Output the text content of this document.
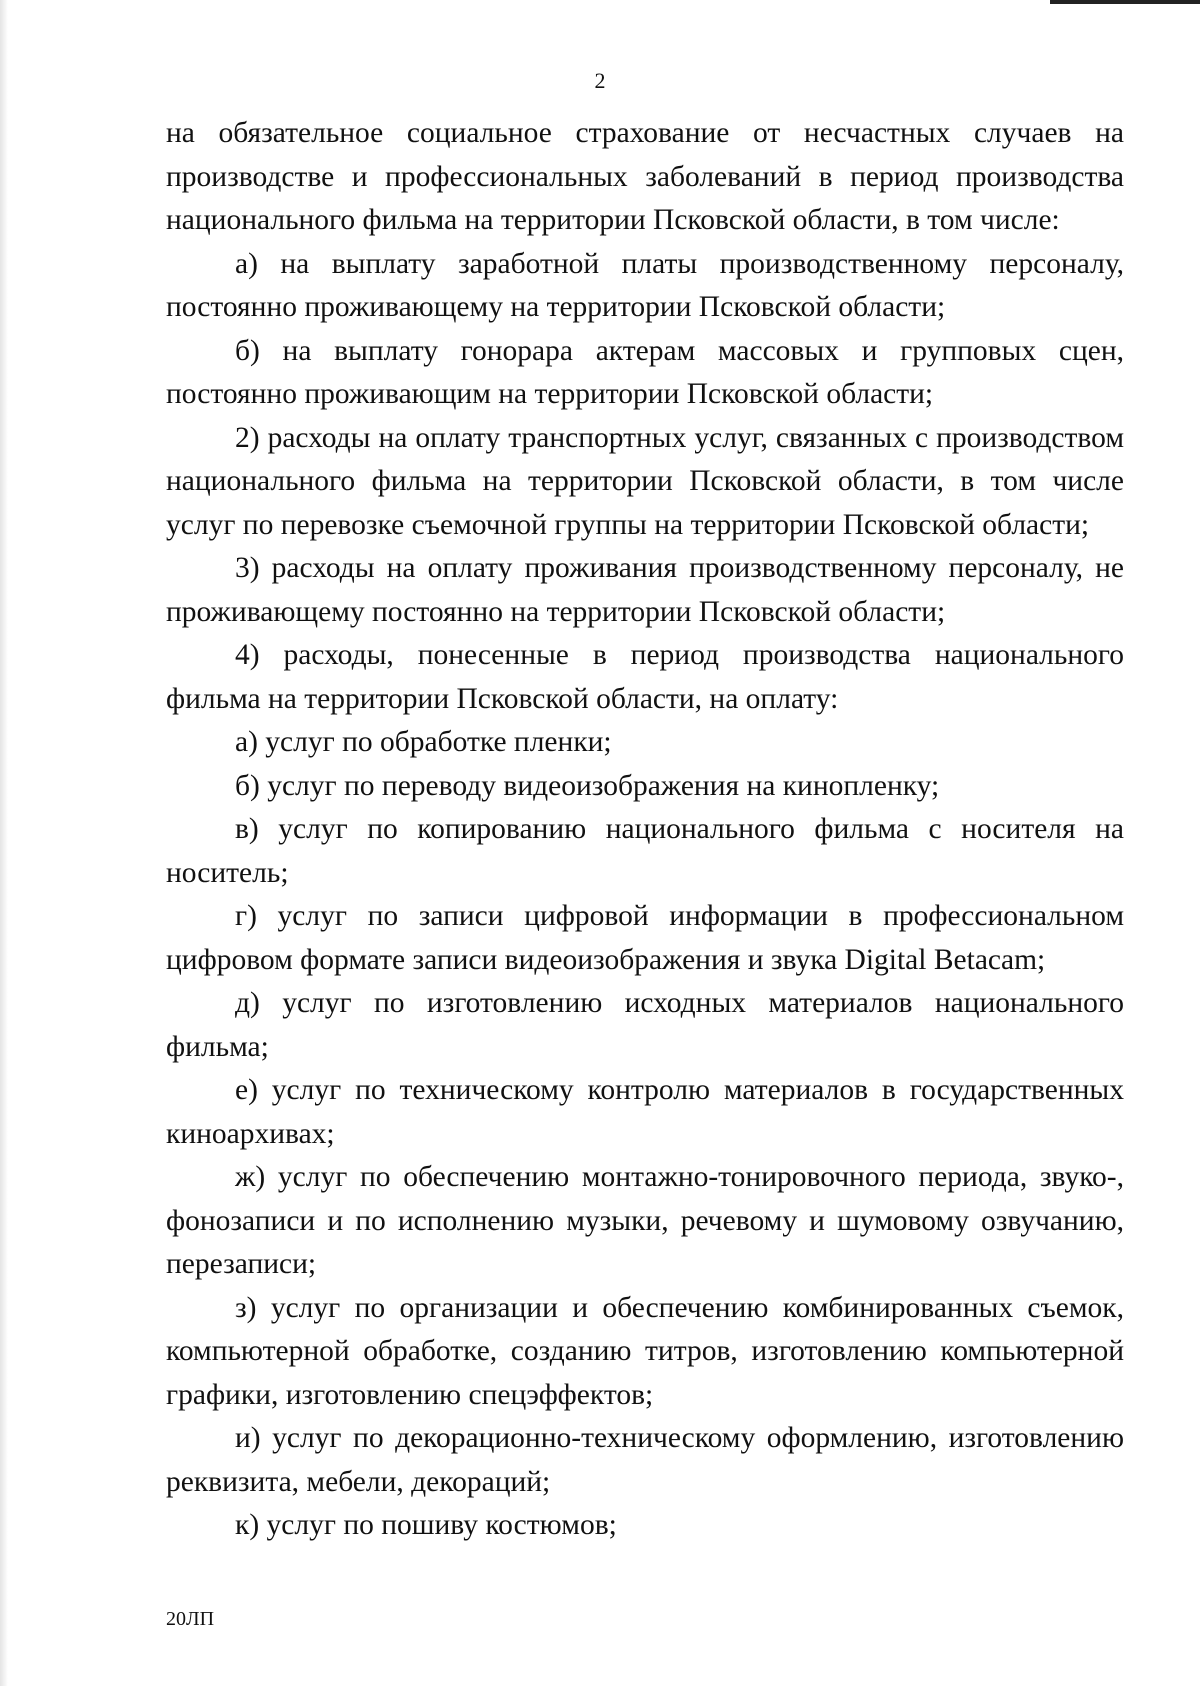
2

на обязательное социальное страхование от несчастных случаев на производстве и профессиональных заболеваний в период производства национального фильма на территории Псковской области, в том числе:

а) на выплату заработной платы производственному персоналу, постоянно проживающему на территории Псковской области;

б) на выплату гонорара актерам массовых и групповых сцен, постоянно проживающим на территории Псковской области;

2) расходы на оплату транспортных услуг, связанных с производством национального фильма на территории Псковской области, в том числе услуг по перевозке съемочной группы на территории Псковской области;

3) расходы на оплату проживания производственному персоналу, не проживающему постоянно на территории Псковской области;

4) расходы, понесенные в период производства национального фильма на территории Псковской области, на оплату:

а) услуг по обработке пленки;

б) услуг по переводу видеоизображения на кинопленку;

в) услуг по копированию национального фильма с носителя на носитель;

г) услуг по записи цифровой информации в профессиональном цифровом формате записи видеоизображения и звука Digital Betacam;

д) услуг по изготовлению исходных материалов национального фильма;

е) услуг по техническому контролю материалов в государственных киноархивах;

ж) услуг по обеспечению монтажно-тонировочного периода, звуко-, фонозаписи и по исполнению музыки, речевому и шумовому озвучанию, перезаписи;

з) услуг по организации и обеспечению комбинированных съемок, компьютерной обработке, созданию титров, изготовлению компьютерной графики, изготовлению спецэффектов;

и) услуг по декорационно-техническому оформлению, изготовлению реквизита, мебели, декораций;

к) услуг по пошиву костюмов;

20ЛП
